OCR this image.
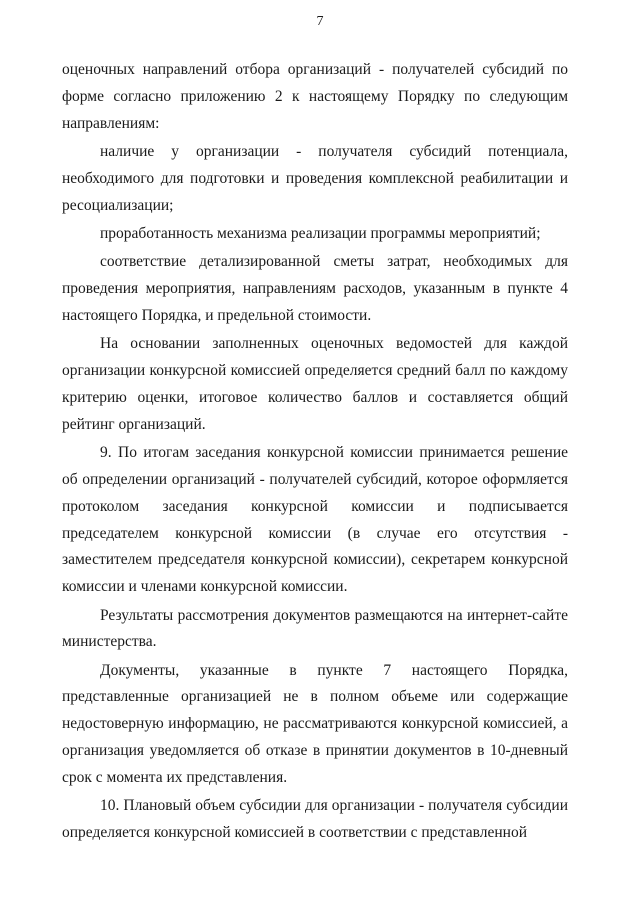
7

оценочных направлений отбора организаций - получателей субсидий по форме согласно приложению 2 к настоящему Порядку по следующим направлениям:

наличие у организации - получателя субсидий потенциала, необходимого для подготовки и проведения комплексной реабилитации и ресоциализации;

проработанность механизма реализации программы мероприятий;

соответствие детализированной сметы затрат, необходимых для проведения мероприятия, направлениям расходов, указанным в пункте 4 настоящего Порядка, и предельной стоимости.

На основании заполненных оценочных ведомостей для каждой организации конкурсной комиссией определяется средний балл по каждому критерию оценки, итоговое количество баллов и составляется общий рейтинг организаций.

9. По итогам заседания конкурсной комиссии принимается решение об определении организаций - получателей субсидий, которое оформляется протоколом заседания конкурсной комиссии и подписывается председателем конкурсной комиссии (в случае его отсутствия - заместителем председателя конкурсной комиссии), секретарем конкурсной комиссии и членами конкурсной комиссии.

Результаты рассмотрения документов размещаются на интернет-сайте министерства.

Документы, указанные в пункте 7 настоящего Порядка, представленные организацией не в полном объеме или содержащие недостоверную информацию, не рассматриваются конкурсной комиссией, а организация уведомляется об отказе в принятии документов в 10-дневный срок с момента их представления.

10. Плановый объем субсидии для организации - получателя субсидии определяется конкурсной комиссией в соответствии с представленной
